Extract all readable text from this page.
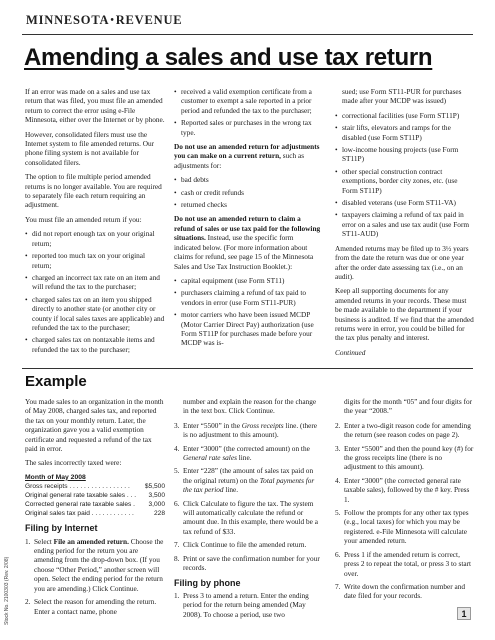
MINNESOTA•REVENUE
Amending a sales and use tax return

If an error was made on a sales and use tax return that was filed, you must file an amended return to correct the error using e-File Minnesota, either over the Internet or by phone.

However, consolidated filers must use the Internet system to file amended returns. Our phone filing system is not available for consolidated filers.

The option to file multiple period amended returns is no longer available. You are required to separately file each return requiring an adjustment.

You must file an amended return if you:

• did not report enough tax on your original return;
• reported too much tax on your original return;
• charged an incorrect tax rate on an item and will refund the tax to the purchaser;
• charged sales tax on an item you shipped directly to another state (or another city or county if local sales taxes are applicable) and refunded the tax to the purchaser;
• charged sales tax on nontaxable items and refunded the tax to the purchaser;
• received a valid exemption certificate from a customer to exempt a sale reported in a prior period and refunded the tax to the purchaser;
• Reported sales or purchases in the wrong tax type.

Do not use an amended return for adjustments you can make on a current return, such as adjustments for:

• bad debts
• cash or credit refunds
• returned checks

Do not use an amended return to claim a refund of sales or use tax paid for the following situations. Instead, use the specific form indicated below. (For more information about claims for refund, see page 15 of the Minnesota Sales and Use Tax Instruction Booklet.):

• capital equipment (use Form ST11)
• purchasers claiming a refund of tax paid to vendors in error (use Form ST11-PUR)
• motor carriers who have been issued MCDP (Motor Carrier Direct Pay) authorization (use Form ST11P for purchases made before your MCDP was is-

sued; use Form ST11-PUR for purchases made after your MCDP was issued)

• correctional facilities (use Form ST11P)
• stair lifts, elevators and ramps for the disabled (use Form ST11P)
• low-income housing projects (use Form ST11P)
• other special construction contract exemptions, border city zones, etc. (use Form ST11P)
• disabled veterans (use Form ST11-VA)
• taxpayers claiming a refund of tax paid in error on a sales and use tax audit (use Form ST11-AUD)

Amended returns may be filed up to 3½ years from the date the return was due or one year after the order date assessing tax (i.e., on an audit).

Keep all supporting documents for any amended returns in your records. These must be made available to the department if your business is audited. If we find that the amended returns were in error, you could be billed for the tax plus penalty and interest.

Continued

Example

You made sales to an organization in the month of May 2008, charged sales tax, and reported the tax on your monthly return. Later, the organization gave you a valid exemption certificate and requested a refund of the tax paid in error.

The sales incorrectly taxed were:

Month of May 2008
Gross receipts . . . . . . . . . . . . . . . . . $5,500
Original general rate taxable sales . . . 3,500
Corrected general rate taxable sales . 3,000
Original sales tax paid . . . . . . . . . . . .	228
Filing by Internet
1. Select File an amended return. Choose the ending period for the return you are amending from the drop-down box. (If you choose “Other Period,” another screen will open. Select the ending period for the return you are amending.) Click Continue.
2. Select the reason for amending the return. Enter a contact name, phone

number and explain the reason for the change in the text box. Click Continue.

3. Enter “5500” in the Gross receipts line. (there is no adjustment to this amount).
4. Enter “3000” (the corrected amount) on the General rate sales line.
5. Enter “228” (the amount of sales tax paid on the original return) on the Total payments for the tax period line.
6. Click Calculate to figure the tax. The system will automatically calculate the refund or amount due. In this example, there would be a tax refund of $33.
7. Click Continue to file the amended return.
8. Print or save the confirmation number for your records.
Filing by phone
1. Press 3 to amend a return. Enter the ending period for the return being amended (May 2008). To choose a period, use two

digits for the month “05” and four digits for the year “2008.”

2. Enter a two-digit reason code for amending the return (see reason codes on page 2).
3. Enter “5500” and then the pound key (#) for the gross receipts line (there is no adjustment to this amount).
4. Enter “3000” (the corrected general rate taxable sales), followed by the # key. Press 1.
5. Follow the prompts for any other tax types (e.g., local taxes) for which you may be registered. e-File Minnesota will calculate your amended return.
6. Press 1 if the amended return is correct, press 2 to repeat the total, or press 3 to start over.
7. Write down the confirmation number and date filed for your records.
Stock No. 2100303 (Rev. 2/08)	1
